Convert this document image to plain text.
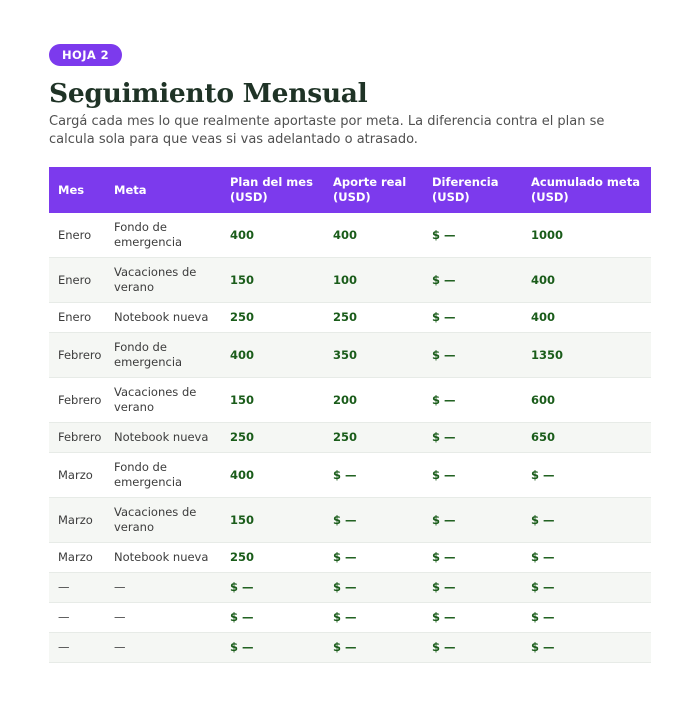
HOJA 2
Seguimiento Mensual

Cargá cada mes lo que realmente aportaste por meta. La diferencia contra el plan se calcula sola para que veas si vas adelantado o atrasado.

Mes	Meta	Plan del mes (USD)	Aporte real (USD)	Diferencia (USD)	Acumulado meta (USD)
Enero	Fondo de emergencia	400	400	$ —	1000
Enero	Vacaciones de verano	150	100	$ —	400
Enero	Notebook nueva	250	250	$ —	400
Febrero	Fondo de emergencia	400	350	$ —	1350
Febrero	Vacaciones de verano	150	200	$ —	600
Febrero	Notebook nueva	250	250	$ —	650
Marzo	Fondo de emergencia	400	$ —	$ —	$ —
Marzo	Vacaciones de verano	150	$ —	$ —	$ —
Marzo	Notebook nueva	250	$ —	$ —	$ —
—	—	$ —	$ —	$ —	$ —
—	—	$ —	$ —	$ —	$ —
—	—	$ —	$ —	$ —	$ —
